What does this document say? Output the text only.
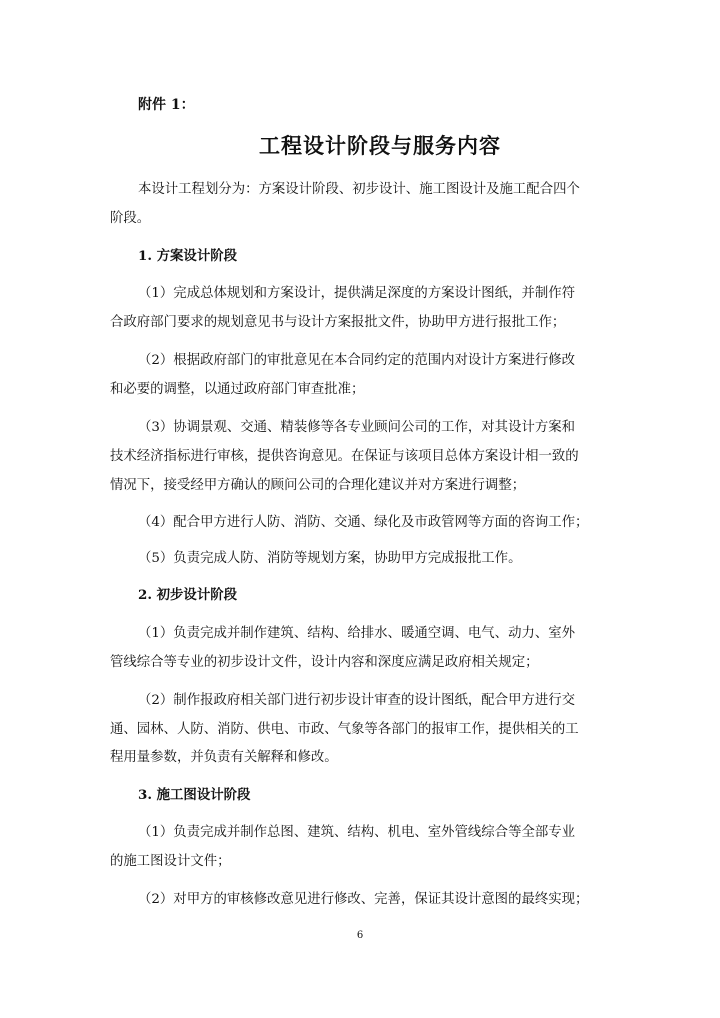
附件 1：
工程设计阶段与服务内容
本设计工程划分为：方案设计阶段、初步设计、施工图设计及施工配合四个
阶段。
1. 方案设计阶段
（1）完成总体规划和方案设计，提供满足深度的方案设计图纸，并制作符
合政府部门要求的规划意见书与设计方案报批文件，协助甲方进行报批工作；
（2）根据政府部门的审批意见在本合同约定的范围内对设计方案进行修改
和必要的调整，以通过政府部门审查批准；
（3）协调景观、交通、精装修等各专业顾问公司的工作，对其设计方案和
技术经济指标进行审核，提供咨询意见。在保证与该项目总体方案设计相一致的
情况下，接受经甲方确认的顾问公司的合理化建议并对方案进行调整；
（4）配合甲方进行人防、消防、交通、绿化及市政管网等方面的咨询工作；
（5）负责完成人防、消防等规划方案，协助甲方完成报批工作。
2. 初步设计阶段
（1）负责完成并制作建筑、结构、给排水、暖通空调、电气、动力、室外
管线综合等专业的初步设计文件，设计内容和深度应满足政府相关规定；
（2）制作报政府相关部门进行初步设计审查的设计图纸，配合甲方进行交
通、园林、人防、消防、供电、市政、气象等各部门的报审工作，提供相关的工
程用量参数，并负责有关解释和修改。
3. 施工图设计阶段
（1）负责完成并制作总图、建筑、结构、机电、室外管线综合等全部专业
的施工图设计文件；
（2）对甲方的审核修改意见进行修改、完善，保证其设计意图的最终实现；
6
